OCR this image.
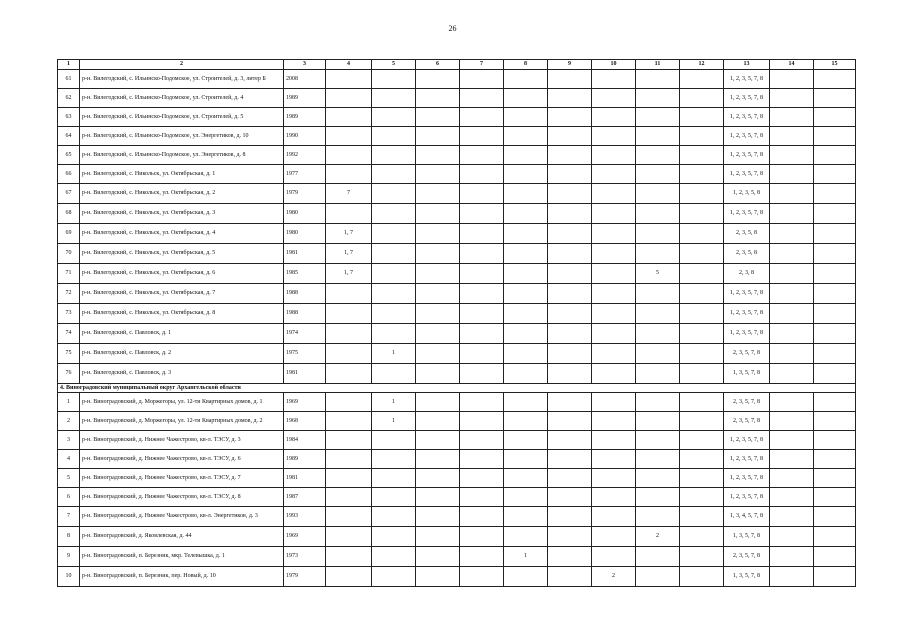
26
1	2	3	4	5	6	7	8	9	10	11	12	13	14	15
61	р-н. Вилегодский, с. Ильинско-Подомское, ул. Строителей, д. 3, литер Б	2008										1, 2, 3, 5, 7, 8		
62	р-н. Вилегодский, с. Ильинско-Подомское, ул. Строителей, д. 4	1989										1, 2, 3, 5, 7, 8		
63	р-н. Вилегодский, с. Ильинско-Подомское, ул. Строителей, д. 5	1989										1, 2, 3, 5, 7, 8		
64	р-н. Вилегодский, с. Ильинско-Подомское, ул. Энергетиков, д. 10	1990										1, 2, 3, 5, 7, 8		
65	р-н. Вилегодский, с. Ильинско-Подомское, ул. Энергетиков, д. 8	1992										1, 2, 3, 5, 7, 8		
66	р-н. Вилегодский, с. Никольск, ул. Октябрьская, д. 1	1977										1, 2, 3, 5, 7, 8		
67	р-н. Вилегодский, с. Никольск, ул. Октябрьская, д. 2	1979	7									1, 2, 3, 5, 8		
68	р-н. Вилегодский, с. Никольск, ул. Октябрьская, д. 3	1980										1, 2, 3, 5, 7, 8		
69	р-н. Вилегодский, с. Никольск, ул. Октябрьская, д. 4	1980	1, 7									2, 3, 5, 8		
70	р-н. Вилегодский, с. Никольск, ул. Октябрьская, д. 5	1981	1, 7									2, 3, 5, 8		
71	р-н. Вилегодский, с. Никольск, ул. Октябрьская, д. 6	1985	1, 7							5		2, 3, 8		
72	р-н. Вилегодский, с. Никольск, ул. Октябрьская, д. 7	1988										1, 2, 3, 5, 7, 8		
73	р-н. Вилегодский, с. Никольск, ул. Октябрьская, д. 8	1988										1, 2, 3, 5, 7, 8		
74	р-н. Вилегодский, с. Павловск, д. 1	1974										1, 2, 3, 5, 7, 8		
75	р-н. Вилегодский, с. Павловск, д. 2	1975		1								2, 3, 5, 7, 8		
76	р-н. Вилегодский, с. Павловск, д. 3	1981										1, 3, 5, 7, 8		
4. Виноградовский муниципальный округ Архангельской области														
1	р-н. Виноградовский, д. Моржегоры, ул. 12-ти Квартирных домов, д. 1	1969		1								2, 3, 5, 7, 8		
2	р-н. Виноградовский, д. Моржегоры, ул. 12-ти Квартирных домов, д. 2	1968		1								2, 3, 5, 7, 8		
3	р-н. Виноградовский, д. Нижнее Чажестрово, кв-л. ТЭСУ, д. 3	1984										1, 2, 3, 5, 7, 8		
4	р-н. Виноградовский, д. Нижнее Чажестрово, кв-л. ТЭСУ, д. 6	1989										1, 2, 3, 5, 7, 8		
5	р-н. Виноградовский, д. Нижнее Чажестрово, кв-л. ТЭСУ, д. 7	1981										1, 2, 3, 5, 7, 8		
6	р-н. Виноградовский, д. Нижнее Чажестрово, кв-л. ТЭСУ, д. 8	1987										1, 2, 3, 5, 7, 8		
7	р-н. Виноградовский, д. Нижнее Чажестрово, кв-л. Энергетиков, д. 3	1993										1, 3, 4, 5, 7, 8		
8	р-н. Виноградовский, д. Яковлевская, д. 44	1969								2		1, 3, 5, 7, 8		
9	р-н. Виноградовский, п. Березник, мкр. Телевышка, д. 1	1973					1					2, 3, 5, 7, 8		
10	р-н. Виноградовский, п. Березник, пер. Новый, д. 10	1979							2			1, 3, 5, 7, 8		
